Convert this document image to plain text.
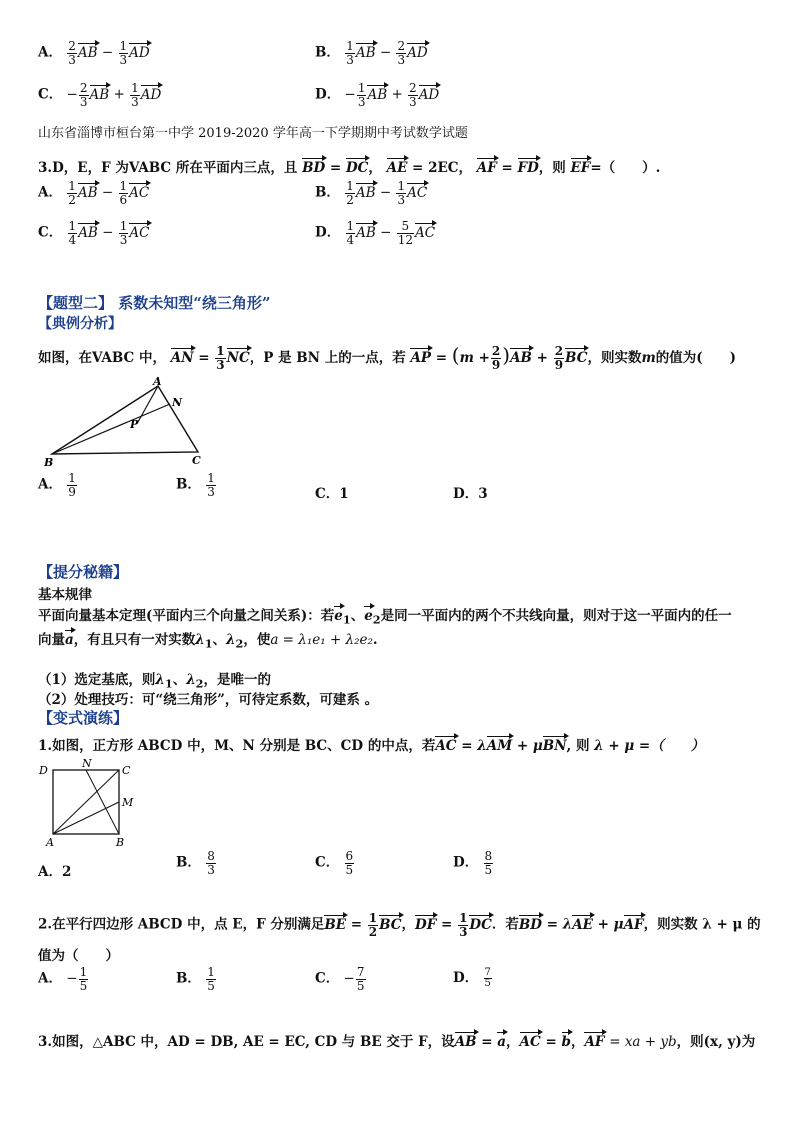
A． $\frac{2}{3}$ AB − $\frac{1}{3}$ AD	B． $\frac{1}{3}$ AB − $\frac{2}{3}$ AD
C． − $\frac{2}{3}$ AB + $\frac{1}{3}$ AD	D． − $\frac{1}{3}$ AB + $\frac{2}{3}$ AD
山东省淄博市桓台第一中学 2019-2020 学年高一下学期期中考试数学试题
3.D，E，F 为VABC 所在平面内三点，且 BD = DC， AE = 2EC， AF = FD，则 EF=（　　）.
A． $\frac{1}{2}$ AB − $\frac{1}{6}$ AC	B． $\frac{1}{2}$ AB − $\frac{1}{3}$ AC
C． $\frac{1}{4}$ AB − $\frac{1}{3}$ AC	D． $\frac{1}{4}$ AB − $\frac{5}{12}$ AC
【题型二】 系数未知型“绕三角形”
【典例分析】
如图，在VABC 中， AN = $\frac{1}{3}$ NC，P 是 BN 上的一点，若 AP = $(m + \frac{2}{9} )AB + \frac{2}{9}$ BC，则实数m的值为(　　)
A
N
P
B	C
A． $\frac{1}{9}$	B． $\frac{1}{3}$	C．1	D．3
【提分秘籍】
基本规律
平面向量基本定理(平面内三个向量之间关系)：若$e_1$、$e_2$是同一平面内的两个不共线向量，则对于这一平面内的任一
向量a，有且只有一对实数$\lambda_1$、$\lambda_2$，使a = λ₁e₁ + λ₂e₂.
（1）选定基底，则$\lambda_1$、$\lambda_2$，是唯一的
（2）处理技巧：可“绕三角形”，可待定系数，可建系 。
【变式演练】
1.如图，正方形 ABCD 中，M、N 分别是 BC、CD 的中点，若AC = λAM + μBN, 则 λ + μ =（　　）
D
N
C
M
A	B
A．2
B． $\frac{8}{3}$	C． $\frac{6}{5}$	D． $\frac{8}{5}$
2.在平行四边形 ABCD 中，点 E，F 分别满足BE = $\frac{1}{2}$ BC，DF = $\frac{1}{3}$ DC．若BD = λAE + μAF，则实数 λ + μ 的
值为（　　）
A． − $\frac{1}{5}$	B． $\frac{1}{5}$	C． − $\frac{7}{5}$	D． $\frac{7}{5}$
3.如图，△ABC 中，AD = DB, AE = EC, CD 与 BE 交于 F，设AB = a，AC = b，AF = xa + yb，则(x, y)为
